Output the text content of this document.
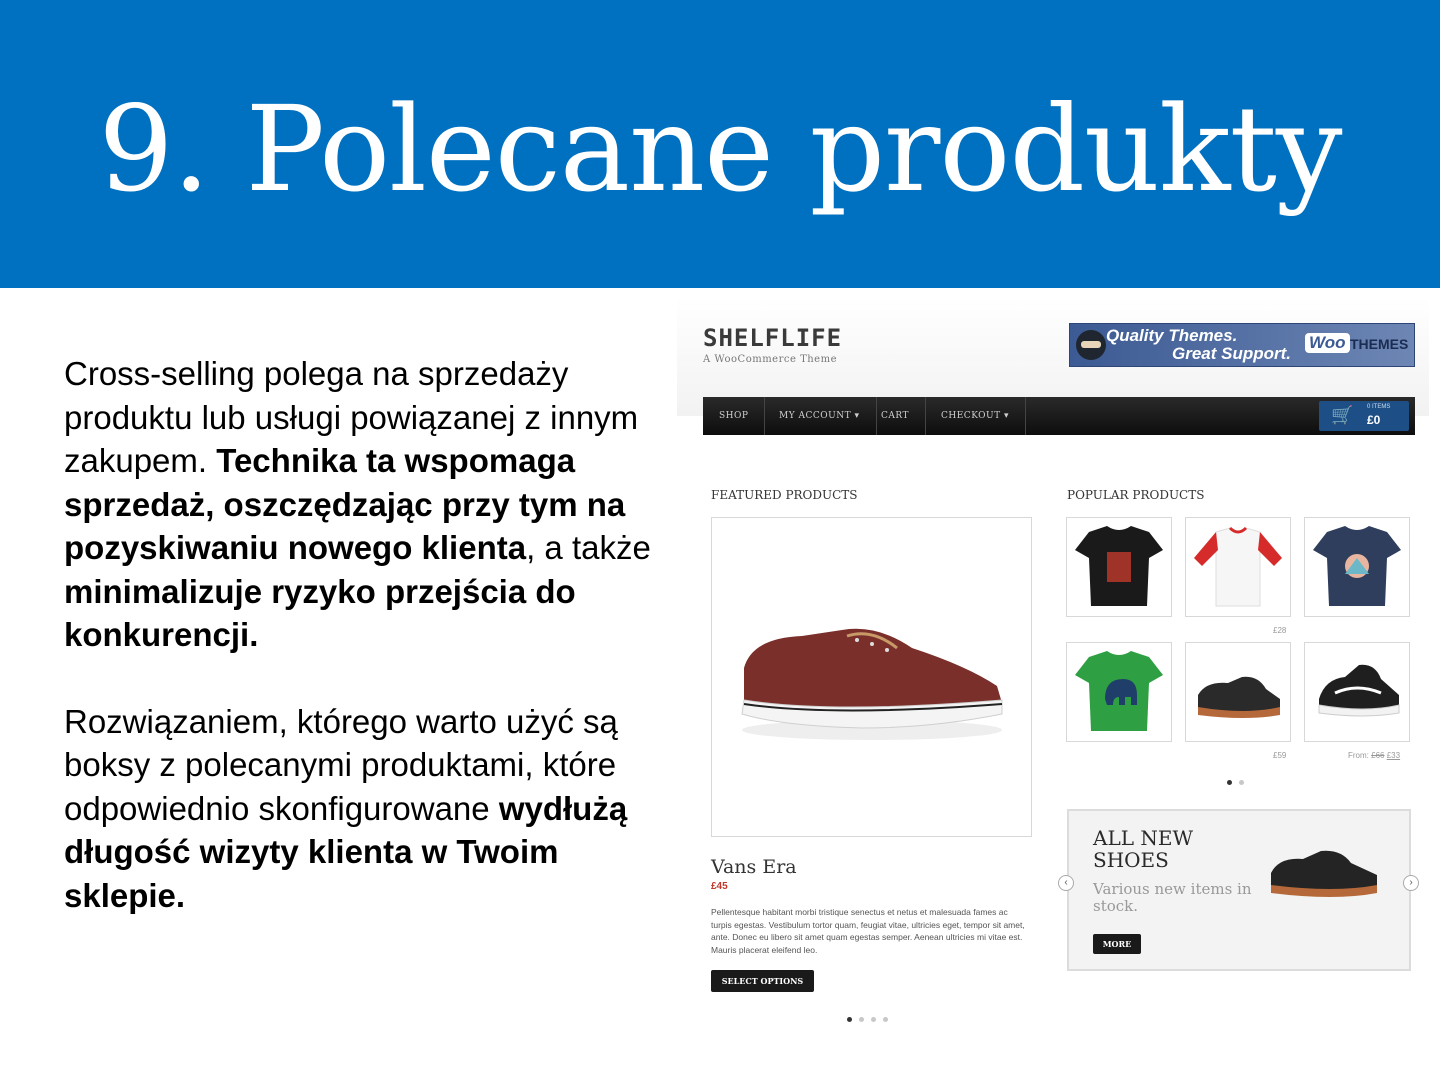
9. Polecane produkty

Cross-selling polega na sprzedaży produktu lub usługi powiązanej z innym zakupem. Technika ta wspomaga sprzedaż, oszczędzając przy tym na pozyskiwaniu nowego klienta, a także minimalizuje ryzyko przejścia do konkurencji.

Rozwiązaniem, którego warto użyć są boksy z polecanymi produktami, które odpowiednio skonfigurowane wydłużą długość wizyty klienta w Twoim sklepie.

SHELFLIFE
A WooCommerce Theme
Quality Themes.
Great Support.
Woo THEMES
SHOP	MY ACCOUNT ▾	CART	CHECKOUT ▾	🛒 0 ITEMS
£0
FEATURED PRODUCTS	POPULAR PRODUCTS
Vans Era
£45
Pellentesque habitant morbi tristique senectus et netus et malesuada fames ac turpis egestas. Vestibulum tortor quam, feugiat vitae, ultricies eget, tempor sit amet, ante. Donec eu libero sit amet quam egestas semper. Aenean ultricies mi vitae est. Mauris placerat eleifend leo.
SELECT OPTIONS
£28
£59	From: £66 £33
ALL NEW SHOES
Various new items in stock.
MORE
‹	›
